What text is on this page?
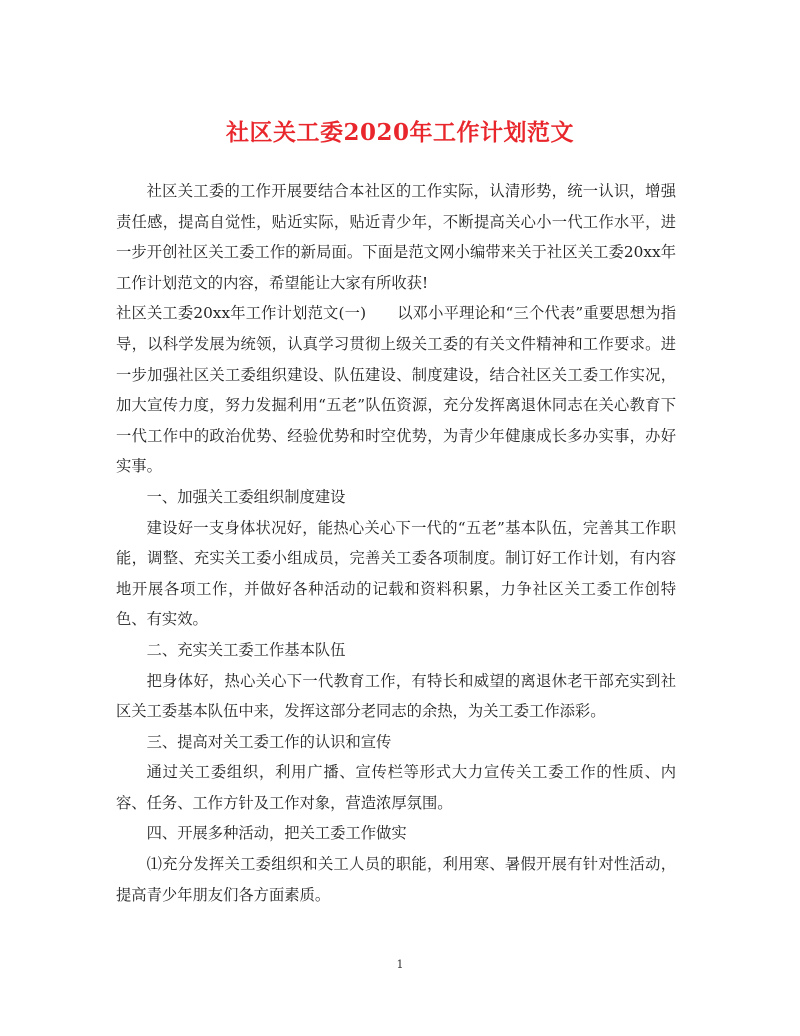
社区关工委2020年工作计划范文

社区关工委的工作开展要结合本社区的工作实际，认清形势，统一认识，增强责任感，提高自觉性，贴近实际，贴近青少年，不断提高关心小一代工作水平，进一步开创社区关工委工作的新局面。下面是范文网小编带来关于社区关工委20xx年工作计划范文的内容，希望能让大家有所收获!

社区关工委20xx年工作计划范文(一)　　以邓小平理论和“三个代表”重要思想为指导，以科学发展为统领，认真学习贯彻上级关工委的有关文件精神和工作要求。进一步加强社区关工委组织建设、队伍建设、制度建设，结合社区关工委工作实况，加大宣传力度，努力发掘利用“五老”队伍资源，充分发挥离退休同志在关心教育下一代工作中的政治优势、经验优势和时空优势，为青少年健康成长多办实事，办好实事。

一、加强关工委组织制度建设

建设好一支身体状况好，能热心关心下一代的“五老”基本队伍，完善其工作职能，调整、充实关工委小组成员，完善关工委各项制度。制订好工作计划，有内容地开展各项工作，并做好各种活动的记载和资料积累，力争社区关工委工作创特色、有实效。

二、充实关工委工作基本队伍

把身体好，热心关心下一代教育工作，有特长和威望的离退休老干部充实到社区关工委基本队伍中来，发挥这部分老同志的余热，为关工委工作添彩。

三、提高对关工委工作的认识和宣传

通过关工委组织，利用广播、宣传栏等形式大力宣传关工委工作的性质、内容、任务、工作方针及工作对象，营造浓厚氛围。

四、开展多种活动，把关工委工作做实

⑴充分发挥关工委组织和关工人员的职能，利用寒、暑假开展有针对性活动，提高青少年朋友们各方面素质。

1
